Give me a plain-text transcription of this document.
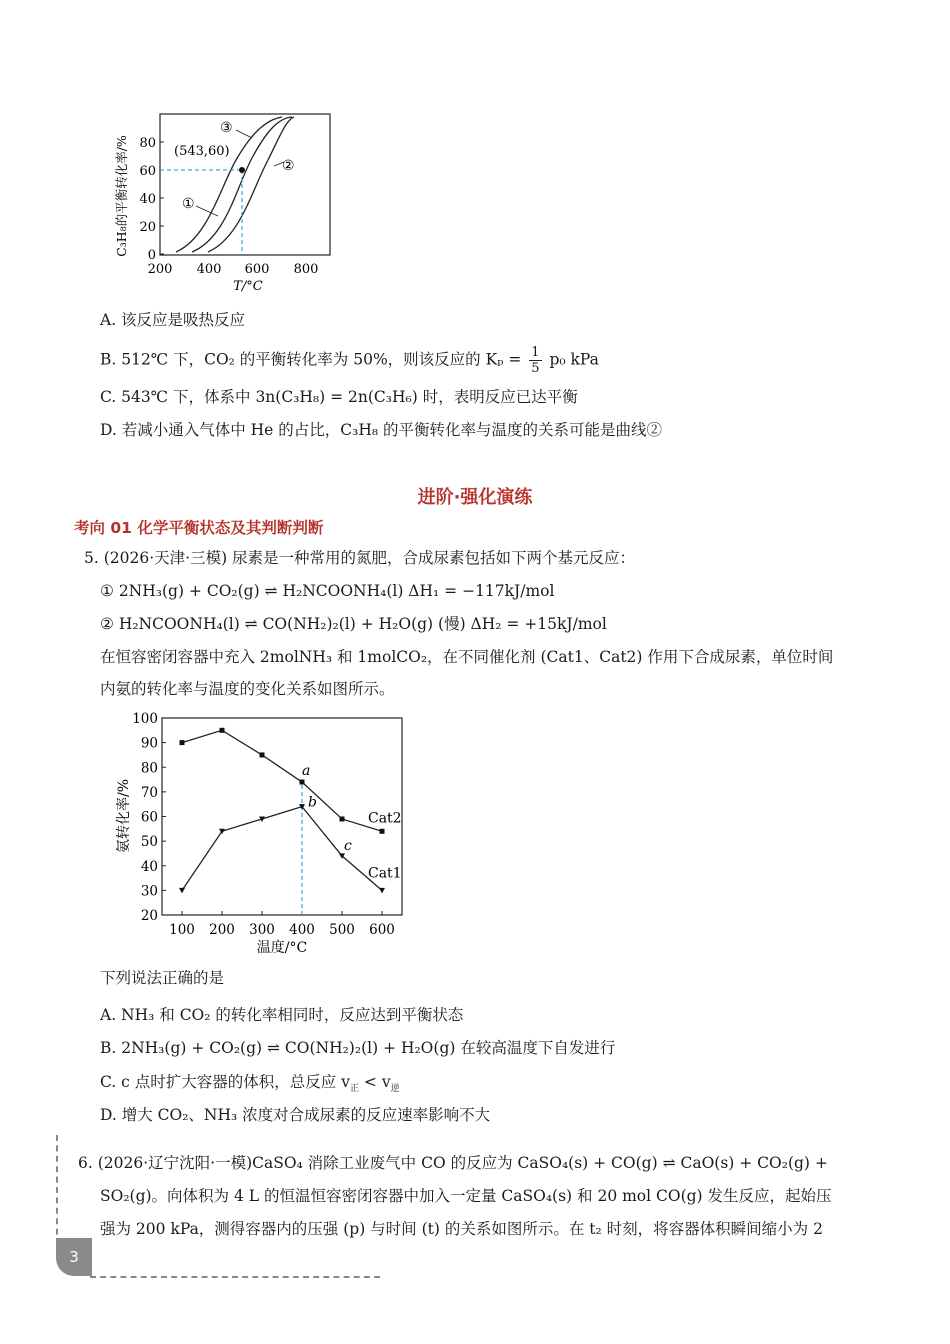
0
20
40
60
80
200 400 600 800
T/°C
C₃H₈的平衡转化率/%	(543,60)
①
③
②
A. 该反应是吸热反应
B. 512℃ 下，CO₂ 的平衡转化率为 50%，则该反应的 $K_p = \frac{1}{5} p_0$ kPa
C. 543℃ 下，体系中 3n(C₃H₈) = 2n(C₃H₆) 时，表明反应已达平衡
D. 若减小通入气体中 He 的占比，C₃H₈ 的平衡转化率与温度的关系可能是曲线②
进阶·强化演练
考向 01 化学平衡状态及其判断判断
5. (2026·天津·三模) 尿素是一种常用的氮肥，合成尿素包括如下两个基元反应：
① 2NH₃(g) + CO₂(g) ⇌ H₂NCOONH₄(l) ΔH₁ = −117kJ/mol
② H₂NCOONH₄(l) ⇌ CO(NH₂)₂(l) + H₂O(g) (慢) ΔH₂ = +15kJ/mol
在恒容密闭容器中充入 2molNH₃ 和 1molCO₂，在不同催化剂 (Cat1、Cat2) 作用下合成尿素，单位时间
内氨的转化率与温度的变化关系如图所示。
20
30
40
50
60
70
80
90
100
100 200 300 400 500 600
温度/°C
氨转化率/%	Cat2
Cat1
a
b
c
下列说法正确的是
A. NH₃ 和 CO₂ 的转化率相同时，反应达到平衡状态
B. 2NH₃(g) + CO₂(g) ⇌ CO(NH₂)₂(l) + H₂O(g) 在较高温度下自发进行
C. c 点时扩大容器的体积，总反应 $v_正 < v_逆$
D. 增大 CO₂、NH₃ 浓度对合成尿素的反应速率影响不大
6. (2026·辽宁沈阳·一模)CaSO₄ 消除工业废气中 CO 的反应为 CaSO₄(s) + CO(g) ⇌ CaO(s) + CO₂(g) +
SO₂(g)。向体积为 4 L 的恒温恒容密闭容器中加入一定量 CaSO₄(s) 和 20 mol CO(g) 发生反应，起始压
强为 200 kPa，测得容器内的压强 (p) 与时间 (t) 的关系如图所示。在 t₂ 时刻，将容器体积瞬间缩小为 2
3
